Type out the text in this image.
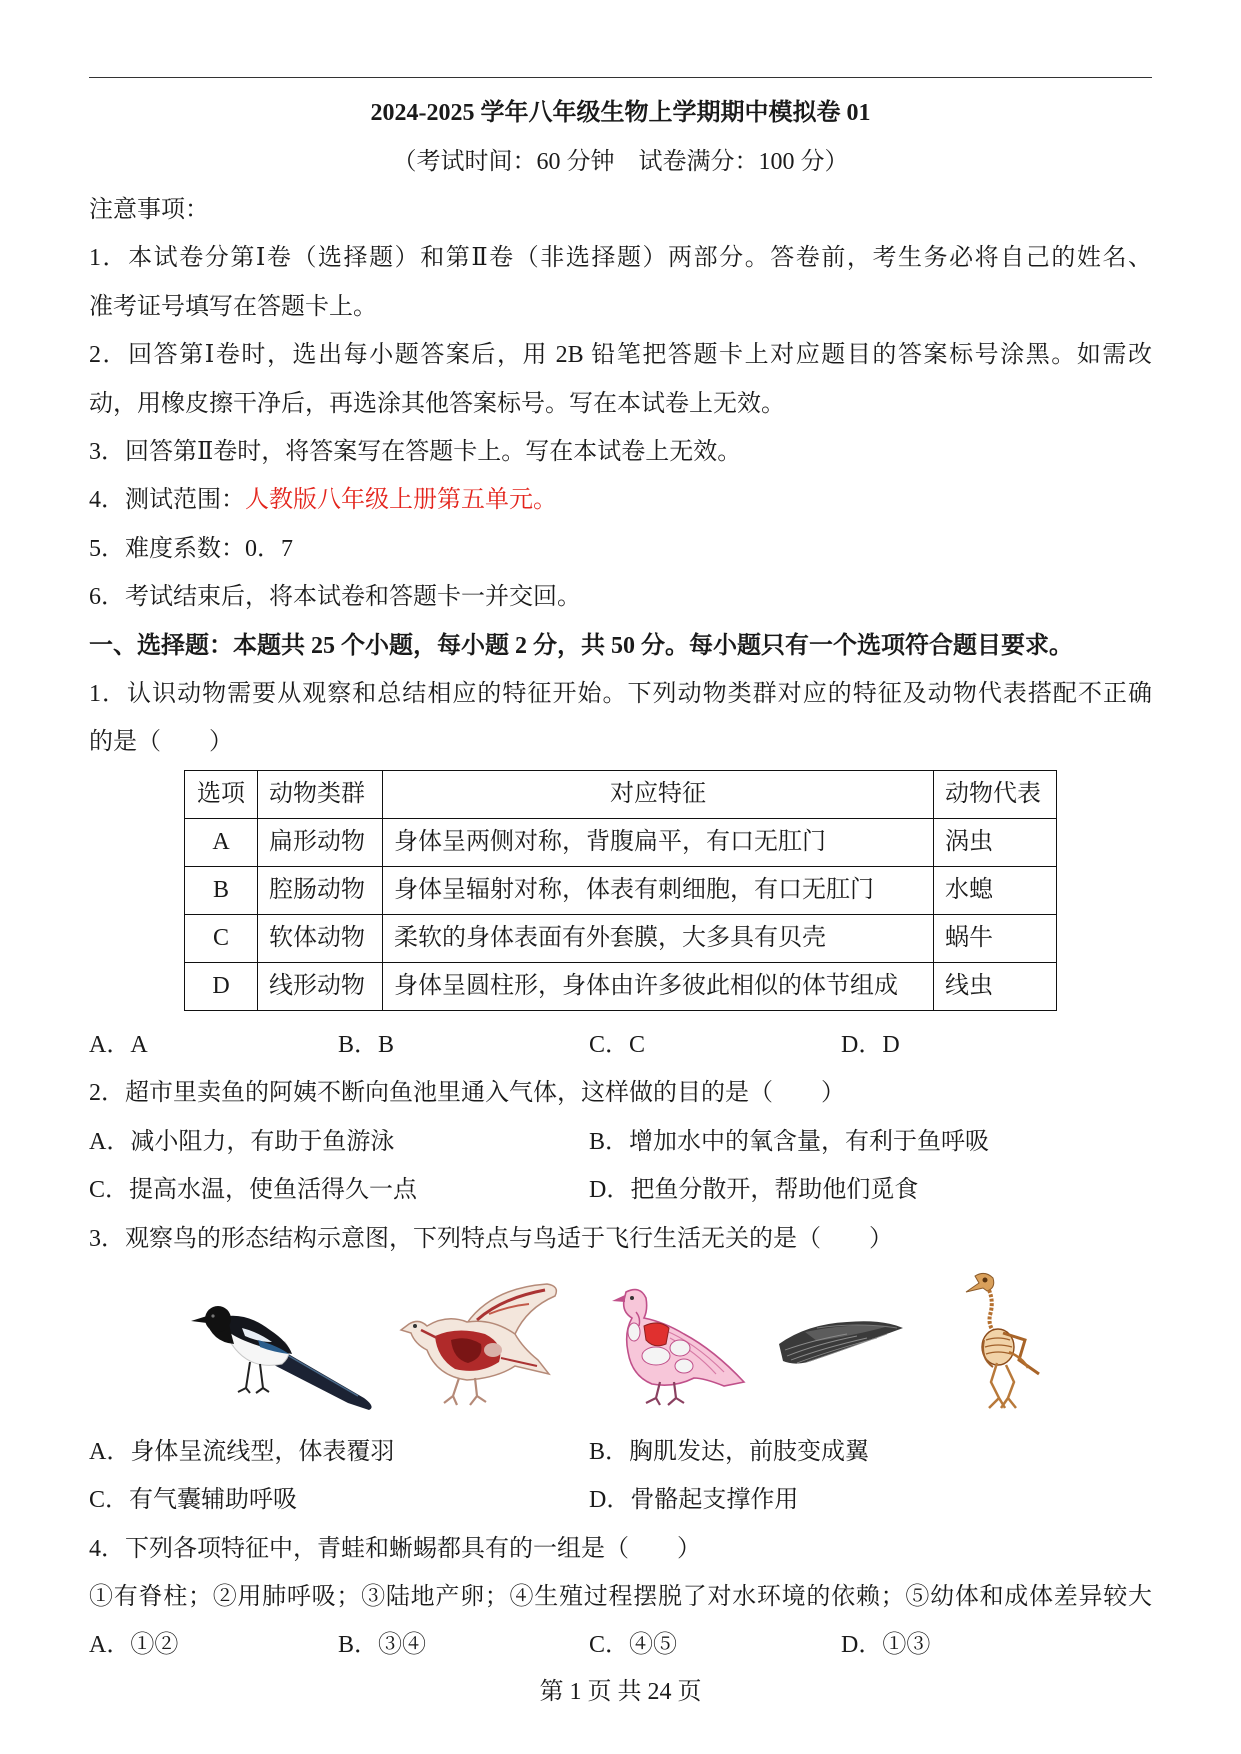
2024-2025 学年八年级生物上学期期中模拟卷 01
（考试时间：60 分钟　试卷满分：100 分）
注意事项：
1．本试卷分第Ⅰ卷（选择题）和第Ⅱ卷（非选择题）两部分。答卷前，考生务必将自己的姓名、
准考证号填写在答题卡上。
2．回答第Ⅰ卷时，选出每小题答案后，用 2B 铅笔把答题卡上对应题目的答案标号涂黑。如需改
动，用橡皮擦干净后，再选涂其他答案标号。写在本试卷上无效。
3．回答第Ⅱ卷时，将答案写在答题卡上。写在本试卷上无效。
4．测试范围：人教版八年级上册第五单元。
5．难度系数：0．7
6．考试结束后，将本试卷和答题卡一并交回。
一、选择题：本题共 25 个小题，每小题 2 分，共 50 分。每小题只有一个选项符合题目要求。
1．认识动物需要从观察和总结相应的特征开始。下列动物类群对应的特征及动物代表搭配不正确
的是（　　）
选项	动物类群	对应特征	动物代表
A	扁形动物	身体呈两侧对称，背腹扁平，有口无肛门	涡虫
B	腔肠动物	身体呈辐射对称，体表有刺细胞，有口无肛门	水螅
C	软体动物	柔软的身体表面有外套膜，大多具有贝壳	蜗牛
D	线形动物	身体呈圆柱形，身体由许多彼此相似的体节组成	线虫
A．A	B．B	C．C	D．D
2．超市里卖鱼的阿姨不断向鱼池里通入气体，这样做的目的是（　　）
A．减小阻力，有助于鱼游泳	B．增加水中的氧含量，有利于鱼呼吸
C．提高水温，使鱼活得久一点	D．把鱼分散开，帮助他们觅食
3．观察鸟的形态结构示意图，下列特点与鸟适于飞行生活无关的是（　　）
A．身体呈流线型，体表覆羽	B．胸肌发达，前肢变成翼
C．有气囊辅助呼吸	D．骨骼起支撑作用
4．下列各项特征中，青蛙和蜥蜴都具有的一组是（　　）
①有脊柱；②用肺呼吸；③陆地产卵；④生殖过程摆脱了对水环境的依赖；⑤幼体和成体差异较大
A．①②	B．③④	C．④⑤	D．①③
第 1 页 共 24 页
